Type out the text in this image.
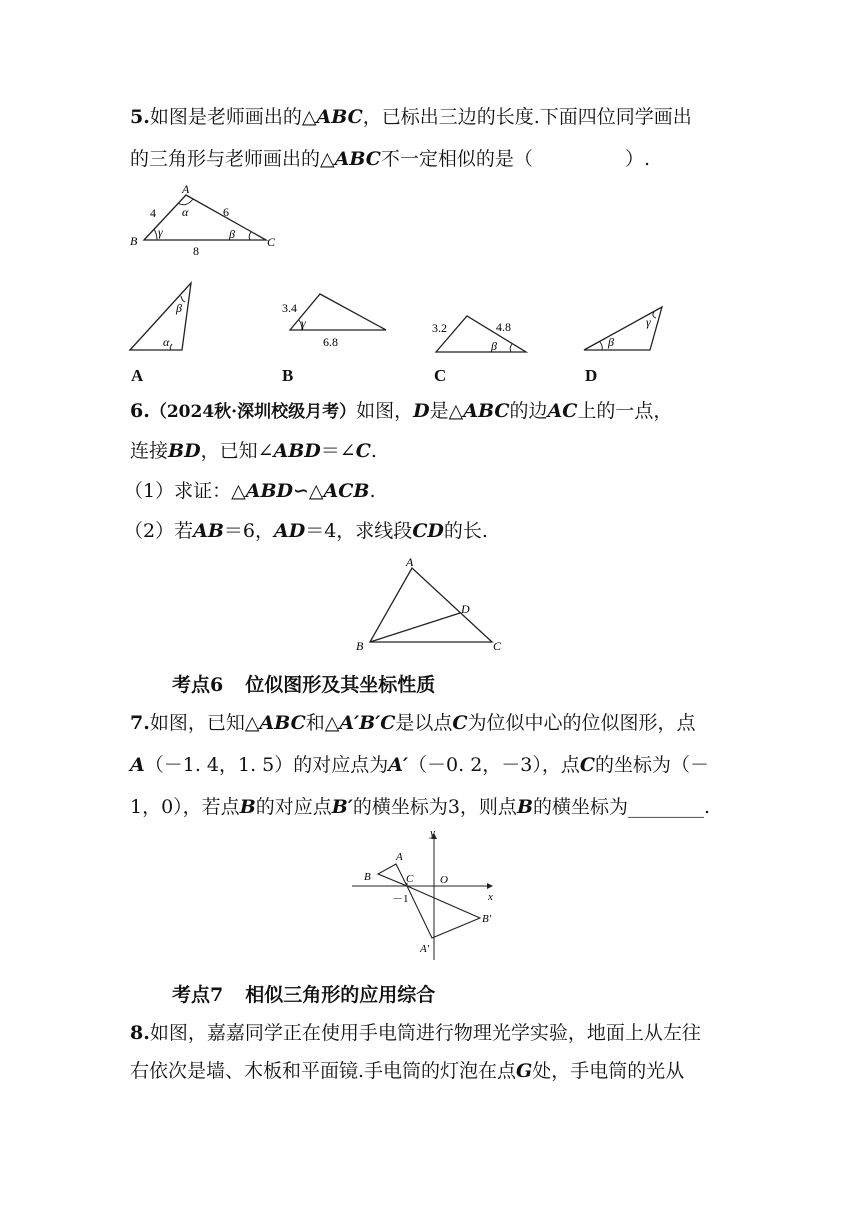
5.如图是老师画出的△ABC，已标出三边的长度.下面四位同学画出
的三角形与老师画出的△ABC不一定相似的是（	）.
A
B	C
α
γ	β
4	6
8
β
α
3.4
γ
6.8
3.2	4.8
β	β
γ
A	B	C	D
6.（2024秋·深圳校级月考）如图，D是△ABC的边AC上的一点，
连接BD，已知∠ABD＝∠C.
（1）求证：△ABD∽△ACB.
（2）若AB＝6，AD＝4，求线段CD的长.
A
B	C
D
考点6 位似图形及其坐标性质
7.如图，已知△ABC和△A′B′C是以点C为位似中心的位似图形，点
A（－1. 4，1. 5）的对应点为A′（－0. 2，－3），点C的坐标为（－
1，0），若点B的对应点B′的横坐标为3，则点B的横坐标为________.
y
x
O
A
B	C
－1
A′
B′
考点7 相似三角形的应用综合
8.如图，嘉嘉同学正在使用手电筒进行物理光学实验，地面上从左往
右依次是墙、木板和平面镜.手电筒的灯泡在点G处，手电筒的光从
